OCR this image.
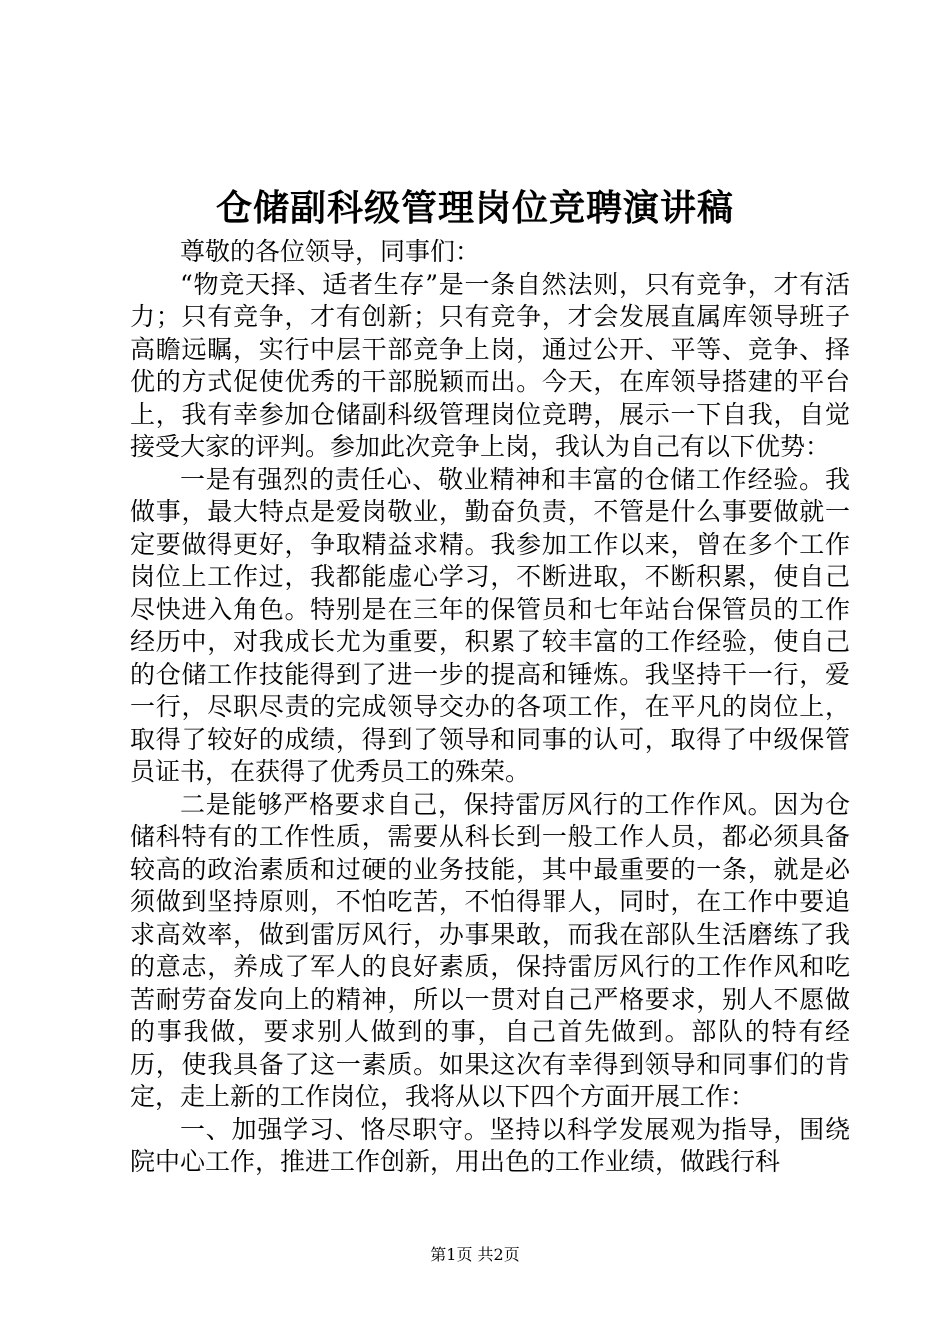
仓储副科级管理岗位竞聘演讲稿

尊敬的各位领导，同事们：

“物竞天择、适者生存”是一条自然法则，只有竞争，才有活力；只有竞争，才有创新；只有竞争，才会发展直属库领导班子高瞻远瞩，实行中层干部竞争上岗，通过公开、平等、竞争、择优的方式促使优秀的干部脱颖而出。今天，在库领导搭建的平台上，我有幸参加仓储副科级管理岗位竞聘，展示一下自我，自觉接受大家的评判。参加此次竞争上岗，我认为自己有以下优势：

一是有强烈的责任心、敬业精神和丰富的仓储工作经验。我做事，最大特点是爱岗敬业，勤奋负责，不管是什么事要做就一定要做得更好，争取精益求精。我参加工作以来，曾在多个工作岗位上工作过，我都能虚心学习，不断进取，不断积累，使自己尽快进入角色。特别是在三年的保管员和七年站台保管员的工作经历中，对我成长尤为重要，积累了较丰富的工作经验，使自己的仓储工作技能得到了进一步的提高和锤炼。我坚持干一行，爱一行，尽职尽责的完成领导交办的各项工作，在平凡的岗位上，取得了较好的成绩，得到了领导和同事的认可，取得了中级保管员证书，在获得了优秀员工的殊荣。

二是能够严格要求自己，保持雷厉风行的工作作风。因为仓储科特有的工作性质，需要从科长到一般工作人员，都必须具备较高的政治素质和过硬的业务技能，其中最重要的一条，就是必须做到坚持原则，不怕吃苦，不怕得罪人，同时，在工作中要追求高效率，做到雷厉风行，办事果敢，而我在部队生活磨练了我的意志，养成了军人的良好素质，保持雷厉风行的工作作风和吃苦耐劳奋发向上的精神，所以一贯对自己严格要求，别人不愿做的事我做，要求别人做到的事，自己首先做到。部队的特有经历，使我具备了这一素质。如果这次有幸得到领导和同事们的肯定，走上新的工作岗位，我将从以下四个方面开展工作：

一、加强学习、恪尽职守。坚持以科学发展观为指导，围绕院中心工作，推进工作创新，用出色的工作业绩，做践行科

第1页 共2页
